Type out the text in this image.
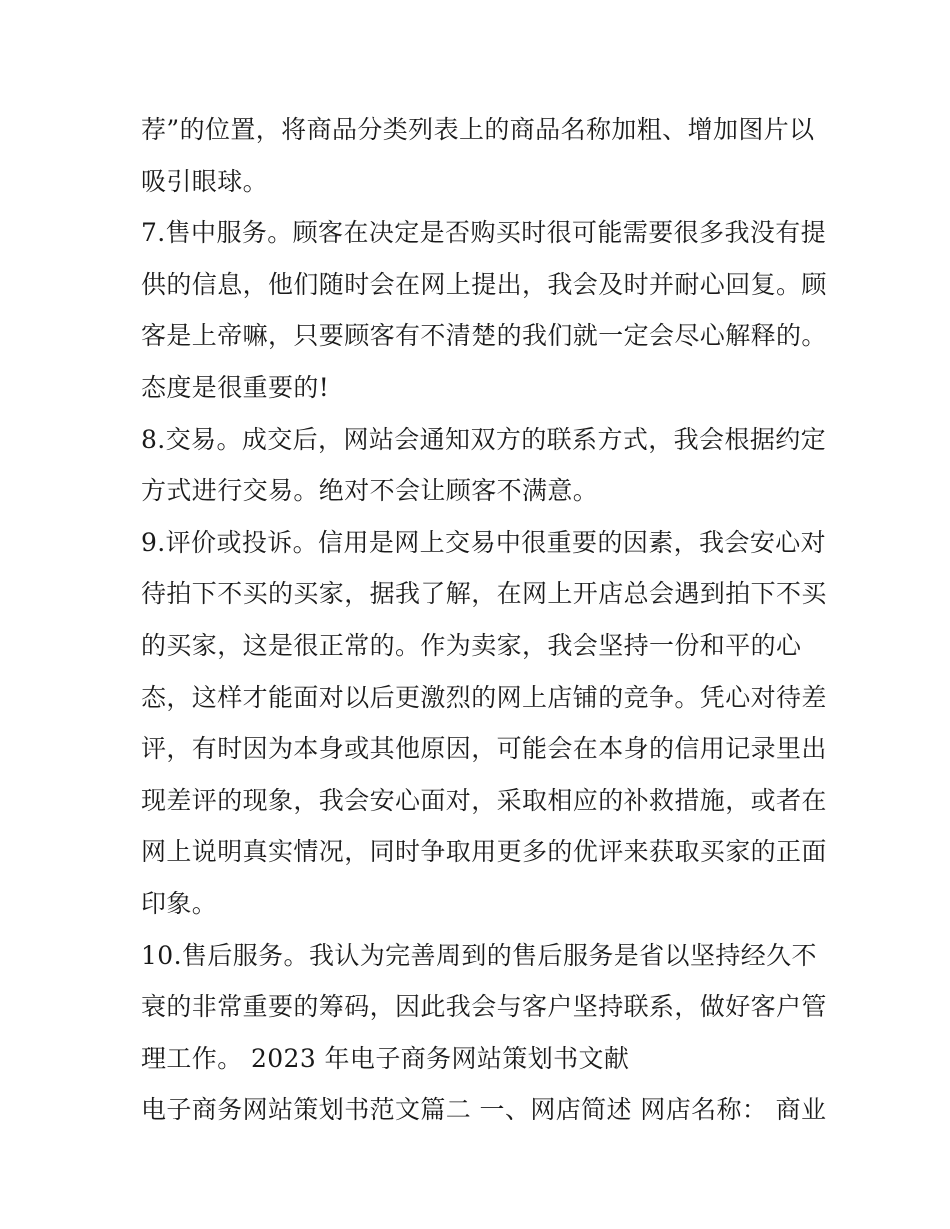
荐”的位置，将商品分类列表上的商品名称加粗、增加图片以
吸引眼球。
7.售中服务。顾客在决定是否购买时很可能需要很多我没有提
供的信息，他们随时会在网上提出，我会及时并耐心回复。顾
客是上帝嘛，只要顾客有不清楚的我们就一定会尽心解释的。
态度是很重要的!
8.交易。成交后，网站会通知双方的联系方式，我会根据约定
方式进行交易。绝对不会让顾客不满意。
9.评价或投诉。信用是网上交易中很重要的因素，我会安心对
待拍下不买的买家，据我了解，在网上开店总会遇到拍下不买
的买家，这是很正常的。作为卖家，我会坚持一份和平的心
态，这样才能面对以后更激烈的网上店铺的竞争。凭心对待差
评，有时因为本身或其他原因，可能会在本身的信用记录里出
现差评的现象，我会安心面对，采取相应的补救措施，或者在
网上说明真实情况，同时争取用更多的优评来获取买家的正面
印象。
10.售后服务。我认为完善周到的售后服务是省以坚持经久不
衰的非常重要的筹码，因此我会与客户坚持联系，做好客户管
理工作。 2023 年电子商务网站策划书文献
电子商务网站策划书范文篇二 一、网店简述 网店名称： 商业
